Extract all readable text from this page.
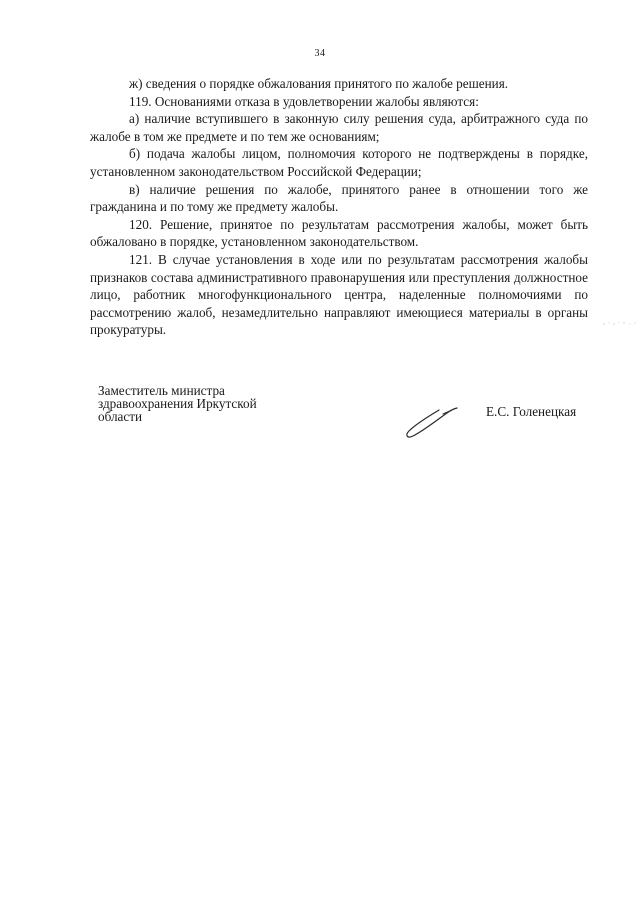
34

ж) сведения о порядке обжалования принятого по жалобе решения.

119. Основаниями отказа в удовлетворении жалобы являются:

а) наличие вступившего в законную силу решения суда, арбитражного суда по жалобе в том же предмете и по тем же основаниям;

б) подача жалобы лицом, полномочия которого не подтверждены в порядке, установленном законодательством Российской Федерации;

в) наличие решения по жалобе, принятого ранее в отношении того же гражданина и по тому же предмету жалобы.

120. Решение, принятое по результатам рассмотрения жалобы, может быть обжаловано в порядке, установленном законодательством.

121. В случае установления в ходе или по результатам рассмотрения жалобы признаков состава административного правонарушения или преступления должностное лицо, работник многофункционального центра, наделенные полномочиями по рассмотрению жалоб, незамедлительно направляют имеющиеся материалы в органы прокуратуры.

Заместитель министра
здравоохранения Иркутской
области	Е.С. Голенецкая
